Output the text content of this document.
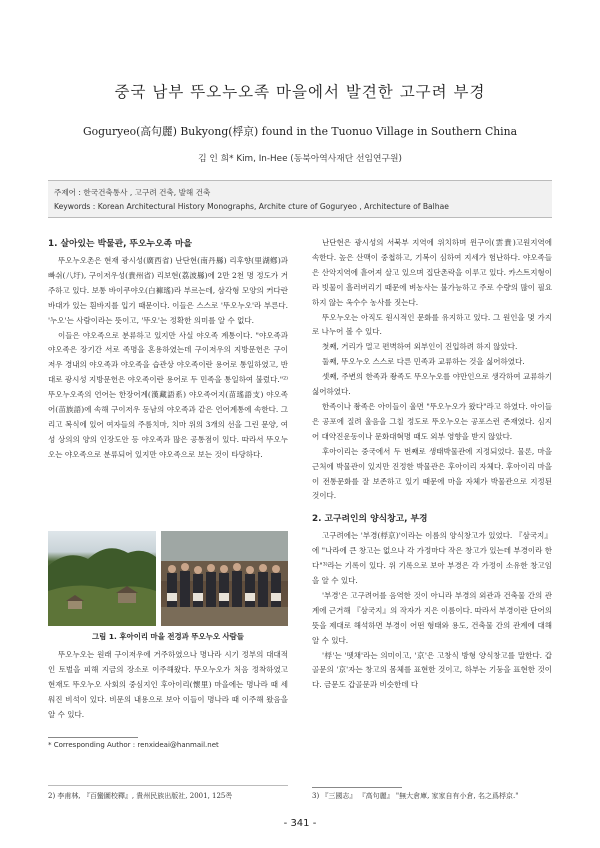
중국 남부 뚜오누오족 마을에서 발견한 고구려 부경
Goguryeo(高句麗) Bukyong(桴京) found in the Tuonuo Village in Southern China
김 인 희* Kim, In-Hee (동북아역사재단 선임연구원)
주제어 : 한국건축통사 , 고구려 건축, 발해 건축
Keywords : Korean Architectural History Monographs, Archite cture of Goguryeo , Architecture of Balhae
1. 살아있는 박물관, 뚜오누오족 마을

뚜오누오촌은 현재 광시성(廣西省) 난단현(南丹縣) 리후향(里湖鄕)과 빠쉬(八圩), 구이저우성(貴州省) 리보현(荔波縣)에 2만 2천 명 정도가 거주하고 있다. 보통 바이쿠야오(白褲瑤)라 부르는데, 삼각형 모양의 커다란 바대가 있는 흰바지를 입기 때문이다. 이들은 스스로 '뚜오누오'라 부른다. '누오'는 사람이라는 뜻이고, '뚜오'는 정확한 의미를 알 수 없다.

이들은 야오족으로 분류하고 있지만 사실 야오족 계통이다. "야오족과 야오족은 장기간 서로 족명을 혼용하였는데 구이저우의 지방문헌은 구이저우 경내의 야오족과 야오족을 습관상 야오족이란 용어로 통일하였고, 반대로 광시성 지방문헌은 야오족이란 용어로 두 민족을 통일하여 불렀다."²⁾ 뚜오누오족의 언어는 한장어계(漢藏語系) 야오족어지(苗瑤語支) 야오족어(苗族語)에 속해 구이저우 동남의 야오족과 같은 언어계통에 속한다. 그리고 복식에 있어 여자들의 주름치마, 치마 위의 3개의 선을 그린 문양, 여성 상의의 양의 인장도안 등 야오족과 많은 공통점이 있다. 따라서 뚜오누오는 야오족으로 분류되어 있지만 야오족으로 보는 것이 타당하다.

그림 1. 후아이리 마을 전경과 뚜오누오 사람들

뚜오누오는 원래 구이저우에 거주하였으나 명나라 시기 정부의 대대적인 토벌을 피해 지금의 장소로 이주해왔다. 뚜오누오가 처음 정착하였고 현재도 뚜오누오 사회의 중심지인 후아이리(懷里) 마을에는 명나라 때 세워진 비석이 있다. 비문의 내용으로 보아 이들이 명나라 때 이주해 왔음을 알 수 있다.

난단현은 광시성의 서북부 지역에 위치하며 윈구이(雲貴)고원지역에 속한다. 높은 산맥이 중첩하고, 기복이 심하여 지세가 험난하다. 야오족들은 산악지역에 흩어져 살고 있으며 집단촌락을 이루고 있다. 카스트지형이라 빗물이 흘러버리기 때문에 벼농사는 불가능하고 주로 수량의 많이 필요하지 않는 옥수수 농사를 짓는다.

뚜오누오는 아직도 원시적인 문화를 유지하고 있다. 그 원인을 몇 가지로 나누어 볼 수 있다.

첫째, 거리가 멀고 편벽하여 외부인이 진입하려 하지 않았다.

둘째, 뚜오누오 스스로 다른 민족과 교류하는 것을 싫어하였다.

셋째, 주변의 한족과 좡족도 뚜오누오를 야만인으로 생각하여 교류하기 싫어하였다.

한족이나 좡족은 아이들이 울면 "뚜오누오가 왔다"라고 하였다. 아이들은 공포에 질려 울음을 그칠 정도로 뚜오누오는 공포스런 존재였다. 심지어 대약진운동이나 문화대혁명 때도 외부 영향을 받지 않았다.

후아이리는 중국에서 두 번째로 생태박물관에 지정되었다. 물론, 마을 근처에 박물관이 있지만 진정한 박물관은 후아이리 자체다. 후아이리 마을이 전통문화를 잘 보존하고 있기 때문에 마을 자체가 박물관으로 지정된 것이다.

2. 고구려인의 양식창고, 부경

고구려에는 '부경(桴京)'이라는 이름의 양식창고가 있었다. 『삼국지』에 "나라에 큰 창고는 없으나 각 가정마다 작은 창고가 있는데 부경이라 한다"³⁾라는 기록이 있다. 위 기록으로 보아 부경은 각 가정이 소유한 창고임을 알 수 있다.

'부경'은 고구려어를 음역한 것이 아니라 부경의 외관과 건축물 간의 관계에 근거해 『삼국지』의 작자가 지은 이름이다. 따라서 부경이란 단어의 뜻을 제대로 해석하면 부경이 어떤 형태와 용도, 건축물 간의 관계에 대해 알 수 있다.

'桴'는 '뗏채'라는 의미이고, '京'은 고창식 방형 양식창고를 말한다. 갑골문의 '京'자는 창고의 몸체를 표현한 것이고, 하부는 기둥을 표현한 것이다. 금문도 갑골문과 비슷한데 다

* Corresponding Author : renxideai@hanmail.net
2) 李甫林, 『百蠻圖校釋』, 貴州民族出版社, 2001, 125쪽	3) 『三國志』 『高句麗』 "無大倉庫, 家家自有小倉, 名之爲桴京."
- 341 -
